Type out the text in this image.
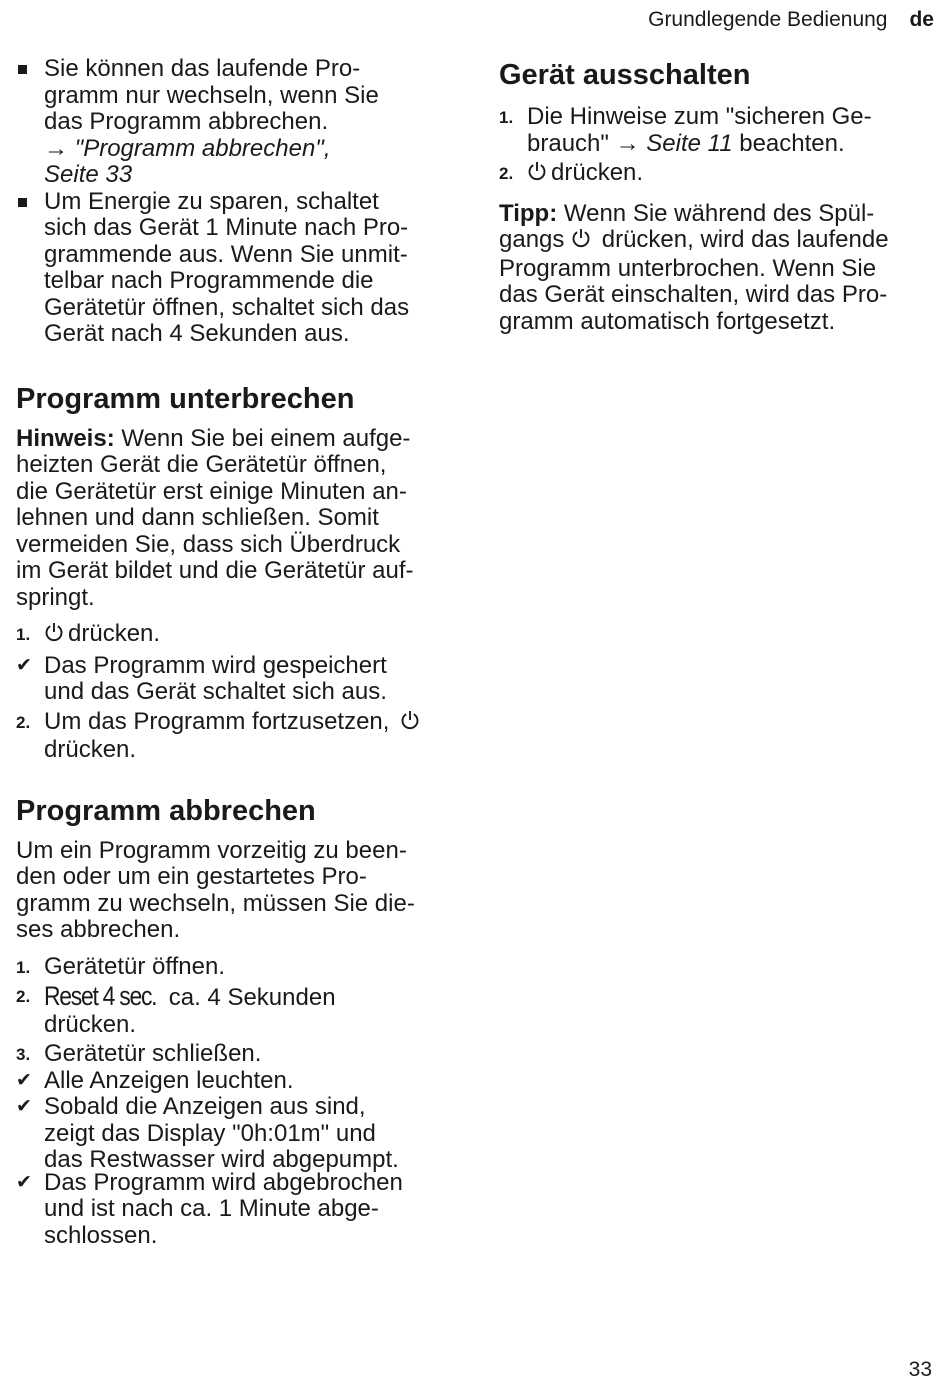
Grundlegende Bedienung de
Sie können das laufende Pro-
gramm nur wechseln, wenn Sie
das Programm abbrechen.
→ "Programm abbrechen",
Seite 33
Um Energie zu sparen, schaltet
sich das Gerät 1 Minute nach Pro-
grammende aus. Wenn Sie unmit-
telbar nach Programmende die
Gerätetür öffnen, schaltet sich das
Gerät nach 4 Sekunden aus.
Programm unterbrechen
Hinweis: Wenn Sie bei einem aufge-
heizten Gerät die Gerätetür öffnen,
die Gerätetür erst einige Minuten an-
lehnen und dann schließen. Somit
vermeiden Sie, dass sich Überdruck
im Gerät bildet und die Gerätetür auf-
springt.
1. drücken.
✔ Das Programm wird gespeichert
und das Gerät schaltet sich aus.
2. Um das Programm fortzusetzen,
drücken.
Programm abbrechen
Um ein Programm vorzeitig zu been-
den oder um ein gestartetes Pro-
gramm zu wechseln, müssen Sie die-
ses abbrechen.
1. Gerätetür öffnen.
2. Reset 4 sec. ca. 4 Sekunden
drücken.
3. Gerätetür schließen.
✔ Alle Anzeigen leuchten.
✔ Sobald die Anzeigen aus sind,
zeigt das Display "0h:01m" und
das Restwasser wird abgepumpt.
✔ Das Programm wird abgebrochen
und ist nach ca. 1 Minute abge-
schlossen.
Gerät ausschalten
1. Die Hinweise zum "sicheren Ge-
brauch" → Seite 11 beachten.
2. drücken.
Tipp: Wenn Sie während des Spül-
gangs  drücken, wird das laufende
Programm unterbrochen. Wenn Sie
das Gerät einschalten, wird das Pro-
gramm automatisch fortgesetzt.
33
